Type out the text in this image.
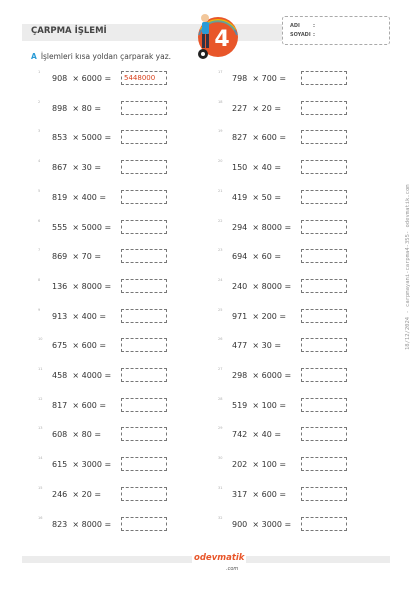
ÇARPMA İŞLEMİ	4
ADI	:
SOYADI :
A İşlemleri kısa yoldan çarparak yaz.
1
908  × 6000 =	5448000
2
898  × 80 =
3
853  × 5000 =
4
867  × 30 =
5
819  × 400 =
6
555  × 5000 =
7
869  × 70 =
8
136  × 8000 =
9
913  × 400 =
10
675  × 600 =
11
458  × 4000 =
12
817  × 600 =
13
608  × 80 =
14
615  × 3000 =
15
246  × 20 =
16
823  × 8000 =
17
798  × 700 =
18
227  × 20 =
19
827  × 600 =
20
150  × 40 =
21
419  × 50 =
22
294  × 8000 =
23
694  × 60 =
24
240  × 8000 =
25
971  × 200 =
26
477  × 30 =
27
298  × 6000 =
28
519  × 100 =
29
742  × 40 =
30
202  × 100 =
31
317  × 600 =
32
900  × 3000 =
18/12/2024 - carpmayani-carpma4-355- odevmatik.com
odevmatik
.com
